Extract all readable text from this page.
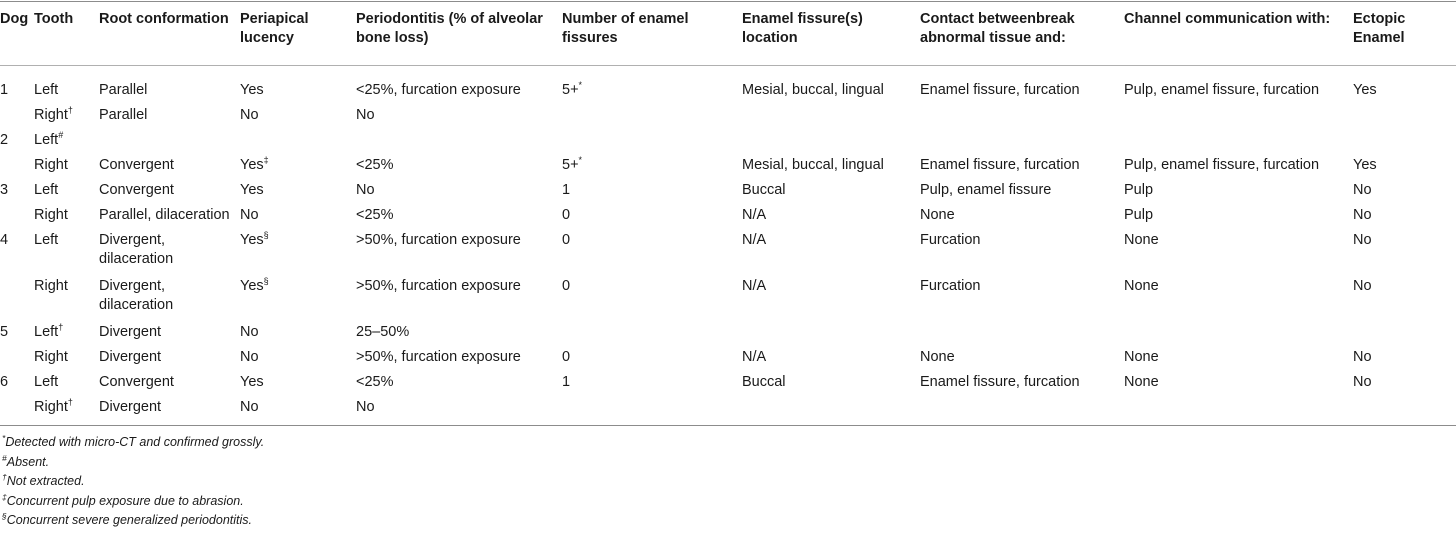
Dog	Tooth	Root conformation	Periapical lucency	Periodontitis (% of alveolar bone loss)	Number of enamel fissures	Enamel fissure(s) location	Contact betweenbreak abnormal tissue and:	Channel communication with:	Ectopic Enamel
1	Left	Parallel	Yes	<25%, furcation exposure	5+*	Mesial, buccal, lingual	Enamel fissure, furcation	Pulp, enamel fissure, furcation	Yes
	Right†	Parallel	No	No					
2	Left#								
	Right	Convergent	Yes‡	<25%	5+*	Mesial, buccal, lingual	Enamel fissure, furcation	Pulp, enamel fissure, furcation	Yes
3	Left	Convergent	Yes	No	1	Buccal	Pulp, enamel fissure	Pulp	No
	Right	Parallel, dilaceration	No	<25%	0	N/A	None	Pulp	No
4	Left	Divergent, dilaceration	Yes§	>50%, furcation exposure	0	N/A	Furcation	None	No
	Right	Divergent, dilaceration	Yes§	>50%, furcation exposure	0	N/A	Furcation	None	No
5	Left†	Divergent	No	25–50%					
	Right	Divergent	No	>50%, furcation exposure	0	N/A	None	None	No
6	Left	Convergent	Yes	<25%	1	Buccal	Enamel fissure, furcation	None	No
	Right†	Divergent	No	No					
*Detected with micro-CT and confirmed grossly.
#Absent.
†Not extracted.
‡Concurrent pulp exposure due to abrasion.
§Concurrent severe generalized periodontitis.
